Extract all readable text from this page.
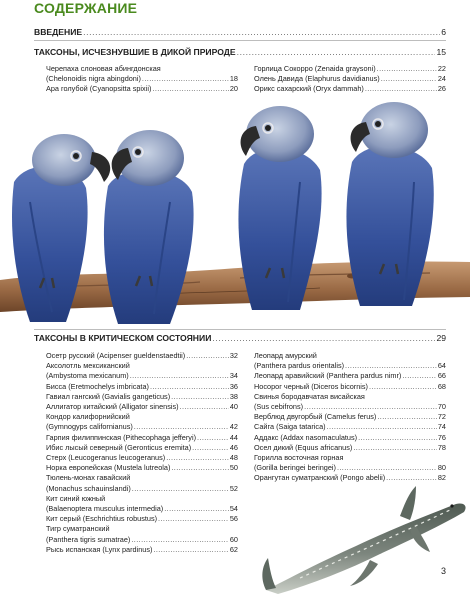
СОДЕРЖАНИЕ
ВВЕДЕНИЕ .....	6
ТАКСОНЫ, ИСЧЕЗНУВШИЕ В ДИКОЙ ПРИРОДЕ .....	15
Черепаха слоновая абингдонская
(Chelonoidis nigra abingdoni) .....	18
Ара голубой (Cyanopsitta spixii) .....	20
Горлица Сокорро (Zenaida graysoni) .....	22
Олень Давида (Elaphurus davidianus) .....	24
Орикс сахарский (Oryx dammah) .....	26
ТАКСОНЫ В КРИТИЧЕСКОМ СОСТОЯНИИ .....	29
Осетр русский (Acipenser gueldenstaedtii) .....	32
Аксолотль мексиканский
(Ambystoma mexicanum) .....	34
Бисса (Eretmochelys imbricata) .....	36
Гавиал гангский (Gavialis gangeticus) .....	38
Аллигатор китайский (Alligator sinensis) .....	40
Кондор калифорнийский
(Gymnogyps californianus) .....	42
Гарпия филиппинская (Pithecophaga jefferyi) .....	44
Ибис лысый северный (Geronticus eremita) .....	46
Стерх (Leucogeranus leucogeranus) .....	48
Норка европейская (Mustela lutreola) .....	50
Тюлень-монах гавайский
(Monachus schauinslandi) .....	52
Кит синий южный
(Balaenoptera musculus intermedia) .....	54
Кит серый (Eschrichtius robustus) .....	56
Тигр суматранский
(Panthera tigris sumatrae) .....	60
Рысь испанская (Lynx pardinus) .....	62
Леопард амурский
(Panthera pardus orientalis) .....	64
Леопард аравийский (Panthera pardus nimr) .....	66
Носорог черный (Diceros bicornis) .....	68
Свинья бородавчатая висайская
(Sus cebifrons) .....	70
Верблюд двугорбый (Camelus ferus) .....	72
Сайга (Saiga tatarica) .....	74
Аддакс (Addax nasomaculatus) .....	76
Осел дикий (Equus africanus) .....	78
Горилла восточная горная
(Gorilla beringei beringei) .....	80
Орангутан суматранский (Pongo abelii) .....	82
3
